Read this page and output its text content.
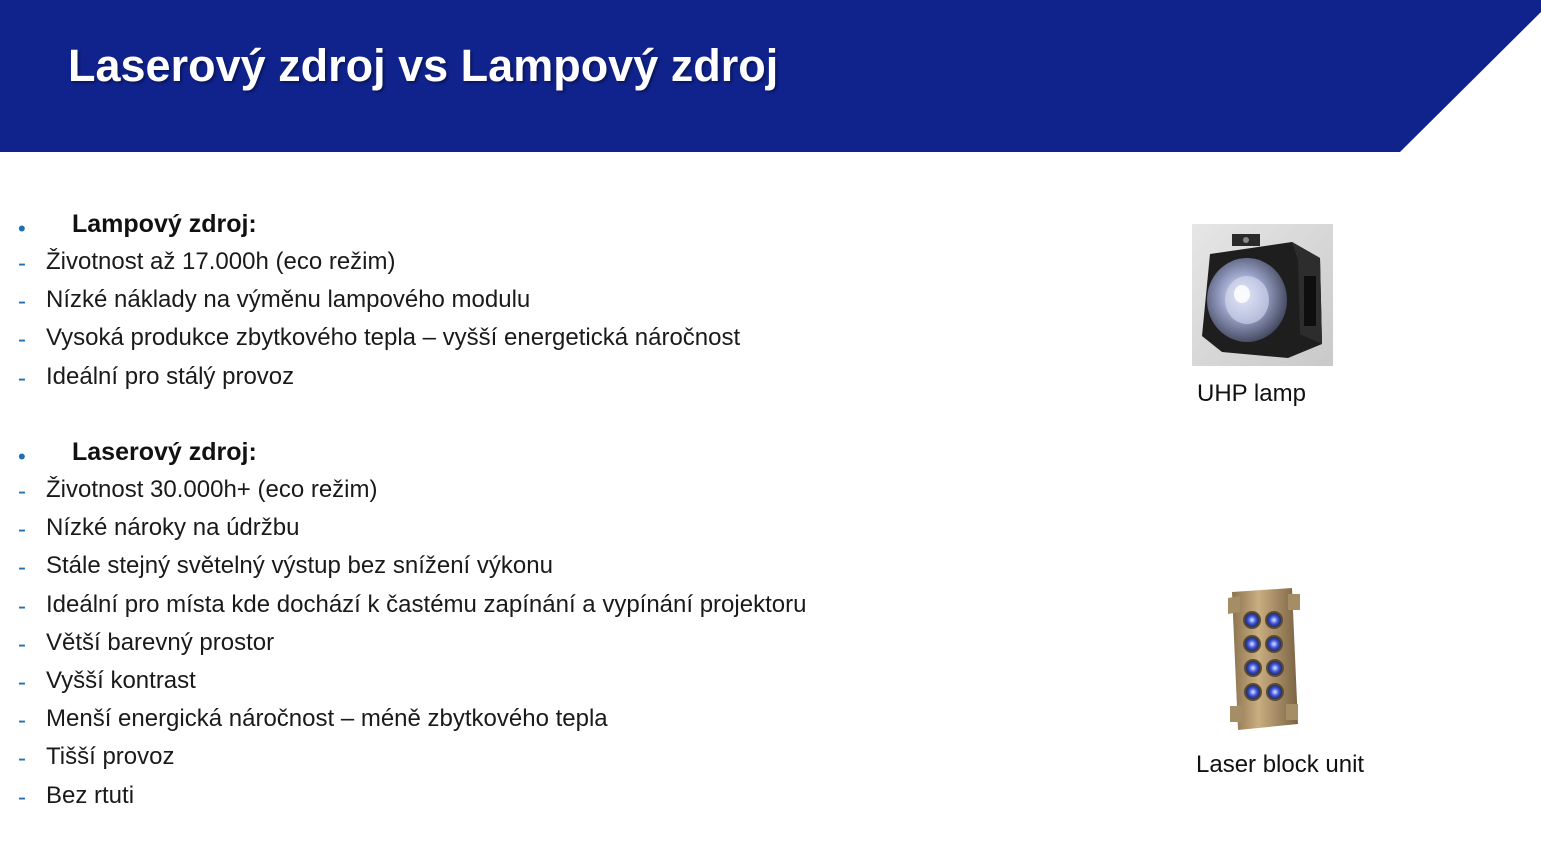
Laserový zdroj vs Lampový zdroj
• Lampový zdroj:
- Životnost až 17.000h (eco režim)
- Nízké náklady na výměnu lampového modulu
- Vysoká produkce zbytkového tepla – vyšší energetická náročnost
- Ideální pro stálý provoz
• Laserový zdroj:
- Životnost 30.000h+ (eco režim)
- Nízké nároky na údržbu
- Stále stejný světelný výstup bez snížení výkonu
- Ideální pro místa kde dochází k častému zapínání a vypínání projektoru
- Větší barevný prostor
- Vyšší kontrast
- Menší energická náročnost – méně zbytkového tepla
- Tišší provoz
- Bez rtuti
UHP lamp
Laser block unit
